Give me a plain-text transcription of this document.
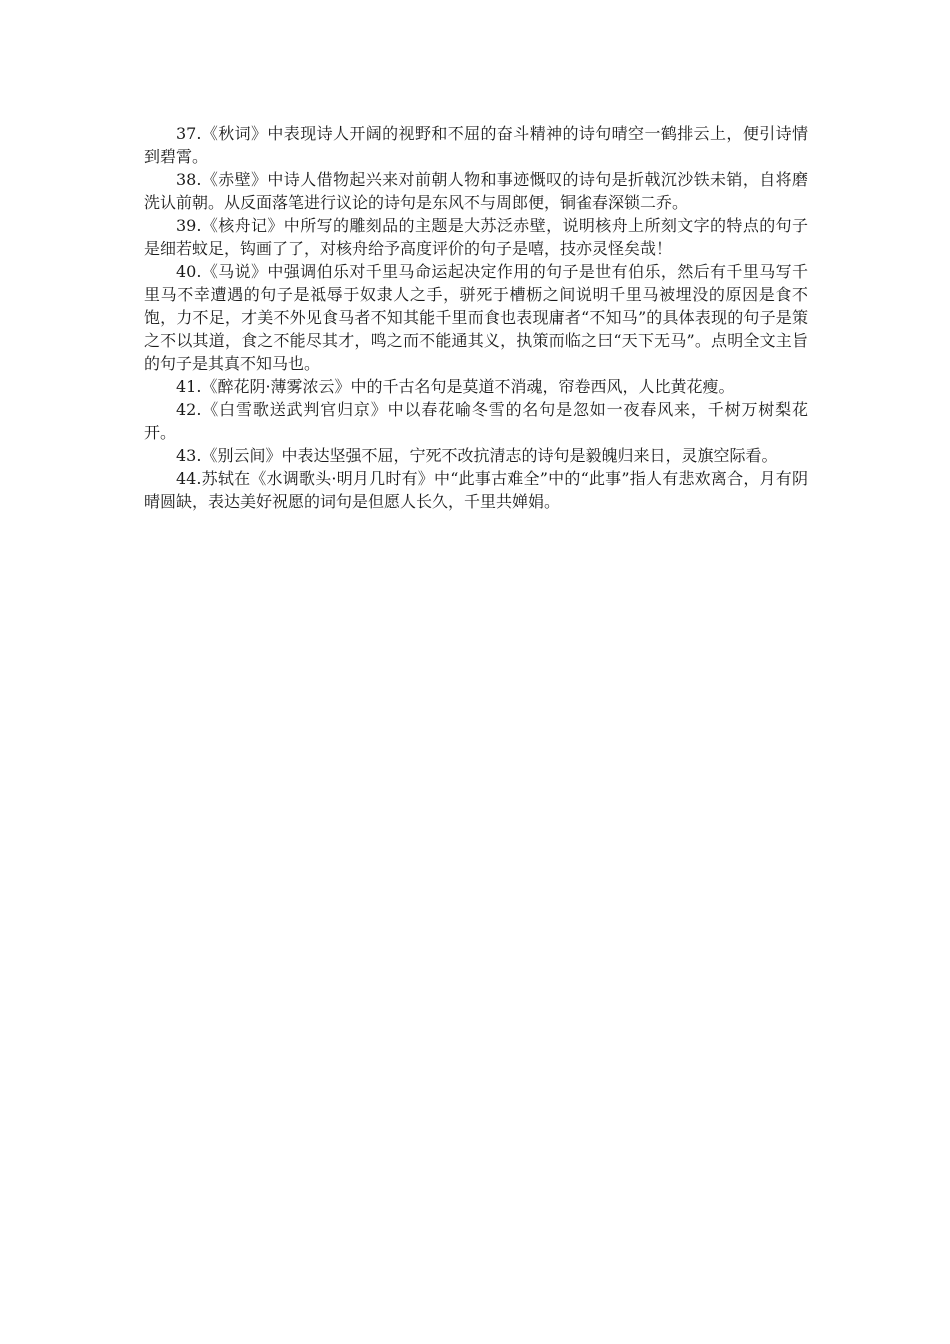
37.《秋词》中表现诗人开阔的视野和不屈的奋斗精神的诗句晴空一鹤排云上，便引诗情到碧霄。

38.《赤壁》中诗人借物起兴来对前朝人物和事迹慨叹的诗句是折戟沉沙铁未销，自将磨洗认前朝。从反面落笔进行议论的诗句是东风不与周郎便，铜雀春深锁二乔。

39.《核舟记》中所写的雕刻品的主题是大苏泛赤壁，说明核舟上所刻文字的特点的句子是细若蚊足，钩画了了，对核舟给予高度评价的句子是嘻，技亦灵怪矣哉！

40.《马说》中强调伯乐对千里马命运起决定作用的句子是世有伯乐，然后有千里马写千里马不幸遭遇的句子是祗辱于奴隶人之手，骈死于槽枥之间说明千里马被埋没的原因是食不饱，力不足，才美不外见食马者不知其能千里而食也表现庸者“不知马”的具体表现的句子是策之不以其道，食之不能尽其才，鸣之而不能通其义，执策而临之曰“天下无马”。点明全文主旨的句子是其真不知马也。

41.《醉花阴·薄雾浓云》中的千古名句是莫道不消魂，帘卷西风，人比黄花瘦。

42.《白雪歌送武判官归京》中以春花喻冬雪的名句是忽如一夜春风来，千树万树梨花开。

43.《别云间》中表达坚强不屈，宁死不改抗清志的诗句是毅魄归来日，灵旗空际看。

44.苏轼在《水调歌头·明月几时有》中“此事古难全”中的“此事”指人有悲欢离合，月有阴晴圆缺，表达美好祝愿的词句是但愿人长久，千里共婵娟。
